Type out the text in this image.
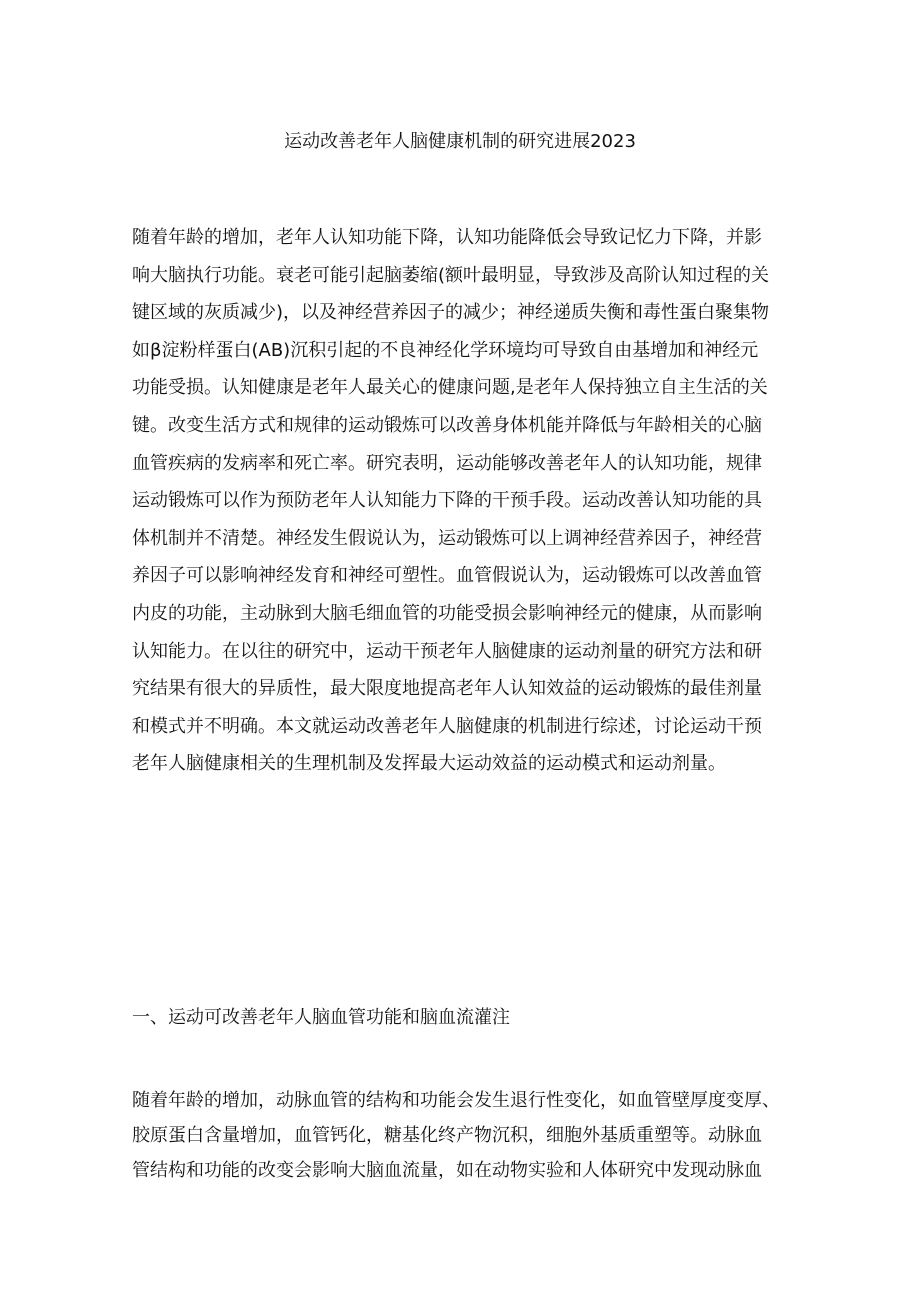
运动改善老年人脑健康机制的研究进展2023
随着年龄的增加，老年人认知功能下降，认知功能降低会导致记忆力下降，并影
响大脑执行功能。衰老可能引起脑萎缩(额叶最明显，导致涉及高阶认知过程的关
键区域的灰质减少)，以及神经营养因子的减少；神经递质失衡和毒性蛋白聚集物
如β淀粉样蛋白(AB)沉积引起的不良神经化学环境均可导致自由基增加和神经元
功能受损。认知健康是老年人最关心的健康问题,是老年人保持独立自主生活的关
键。改变生活方式和规律的运动锻炼可以改善身体机能并降低与年龄相关的心脑
血管疾病的发病率和死亡率。研究表明，运动能够改善老年人的认知功能，规律
运动锻炼可以作为预防老年人认知能力下降的干预手段。运动改善认知功能的具
体机制并不清楚。神经发生假说认为，运动锻炼可以上调神经营养因子，神经营
养因子可以影响神经发育和神经可塑性。血管假说认为，运动锻炼可以改善血管
内皮的功能，主动脉到大脑毛细血管的功能受损会影响神经元的健康，从而影响
认知能力。在以往的研究中，运动干预老年人脑健康的运动剂量的研究方法和研
究结果有很大的异质性，最大限度地提高老年人认知效益的运动锻炼的最佳剂量
和模式并不明确。本文就运动改善老年人脑健康的机制进行综述，讨论运动干预
老年人脑健康相关的生理机制及发挥最大运动效益的运动模式和运动剂量。
一、运动可改善老年人脑血管功能和脑血流灌注
随着年龄的增加，动脉血管的结构和功能会发生退行性变化，如血管壁厚度变厚、
胶原蛋白含量增加，血管钙化，糖基化终产物沉积，细胞外基质重塑等。动脉血
管结构和功能的改变会影响大脑血流量，如在动物实验和人体研究中发现动脉血
